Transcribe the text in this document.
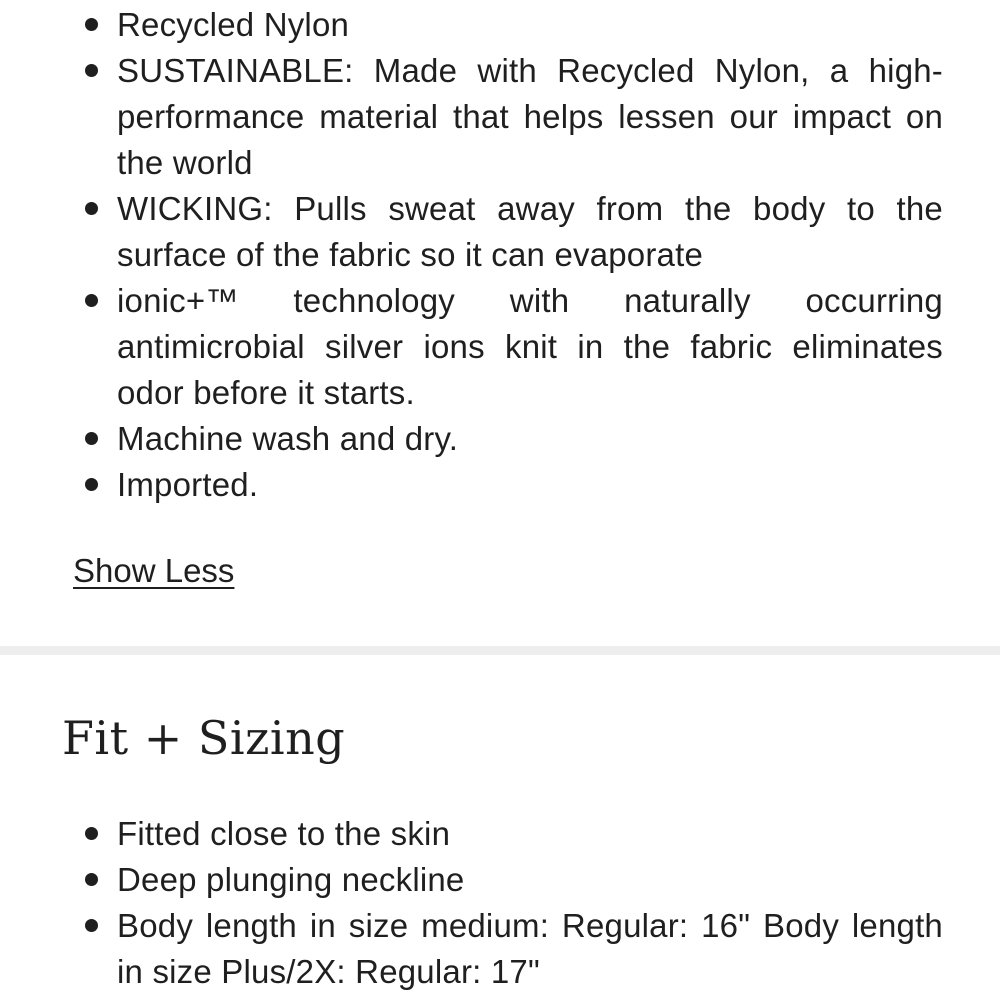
Recycled Nylon
SUSTAINABLE: Made with Recycled Nylon, a high-performance material that helps lessen our impact on the world
WICKING: Pulls sweat away from the body to the surface of the fabric so it can evaporate
ionic+™ technology with naturally occurring antimicrobial silver ions knit in the fabric eliminates odor before it starts.
Machine wash and dry.
Imported.
Show Less
Fit + Sizing
Fitted close to the skin
Deep plunging neckline
Body length in size medium: Regular: 16" Body length in size Plus/2X: Regular: 17"
